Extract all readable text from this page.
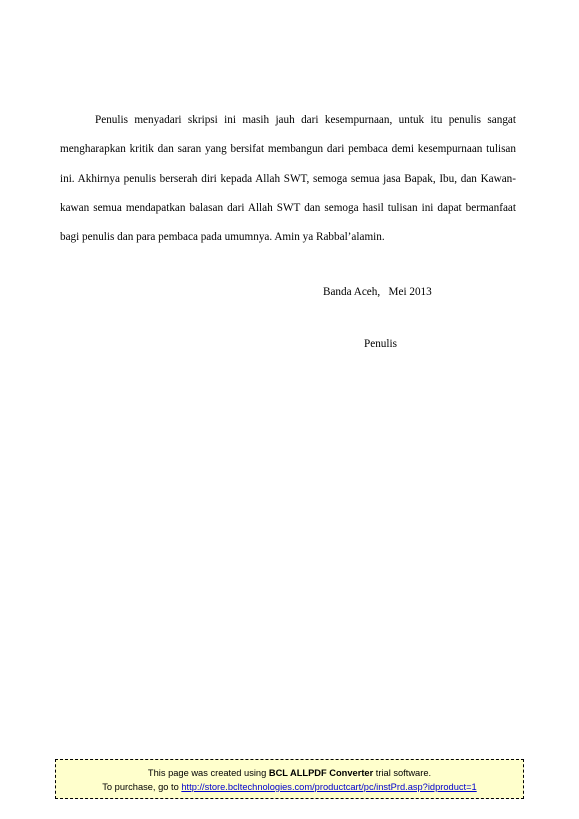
Penulis menyadari skripsi ini masih jauh dari kesempurnaan, untuk itu penulis sangat mengharapkan kritik dan saran yang bersifat membangun dari pembaca demi kesempurnaan tulisan ini. Akhirnya penulis berserah diri kepada Allah SWT, semoga semua jasa Bapak, Ibu, dan Kawan-kawan semua mendapatkan balasan dari Allah SWT dan semoga hasil tulisan ini dapat bermanfaat bagi penulis dan para pembaca pada umumnya. Amin ya Rabbal’alamin.

Banda Aceh,   Mei 2013

Penulis

This page was created using BCL ALLPDF Converter trial software.
To purchase, go to http://store.bcltechnologies.com/productcart/pc/instPrd.asp?idproduct=1
